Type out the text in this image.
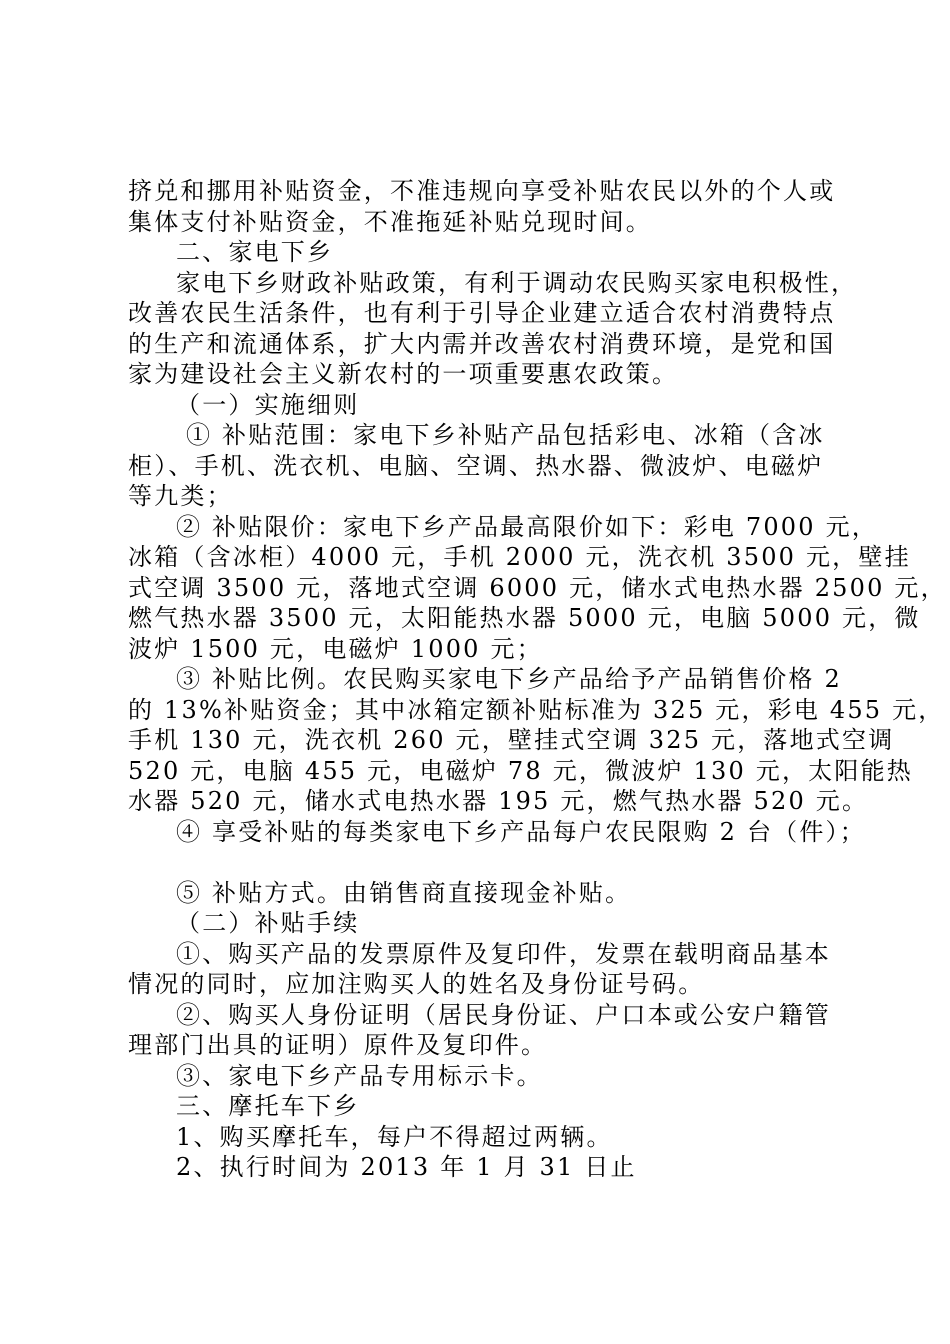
挤兑和挪用补贴资金，不准违规向享受补贴农民以外的个人或
集体支付补贴资金，不准拖延补贴兑现时间。
二、家电下乡
家电下乡财政补贴政策，有利于调动农民购买家电积极性，
改善农民生活条件，也有利于引导企业建立适合农村消费特点
的生产和流通体系，扩大内需并改善农村消费环境，是党和国
家为建设社会主义新农村的一项重要惠农政策。
（一）实施细则
① 补贴范围：家电下乡补贴产品包括彩电、冰箱（含冰
柜）、手机、洗衣机、电脑、空调、热水器、微波炉、电磁炉
等九类；
② 补贴限价：家电下乡产品最高限价如下：彩电 7000 元，
冰箱（含冰柜）4000 元，手机 2000 元，洗衣机 3500 元，壁挂
式空调 3500 元，落地式空调 6000 元，储水式电热水器 2500 元，
燃气热水器 3500 元，太阳能热水器 5000 元，电脑 5000 元，微
波炉 1500 元，电磁炉 1000 元；
③ 补贴比例。农民购买家电下乡产品给予产品销售价格 2
的 13%补贴资金；其中冰箱定额补贴标准为 325 元，彩电 455 元，
手机 130 元，洗衣机 260 元，壁挂式空调 325 元，落地式空调
520 元，电脑 455 元，电磁炉 78 元，微波炉 130 元，太阳能热
水器 520 元，储水式电热水器 195 元，燃气热水器 520 元。
④ 享受补贴的每类家电下乡产品每户农民限购 2 台（件）；
⑤ 补贴方式。由销售商直接现金补贴。
（二）补贴手续
①、购买产品的发票原件及复印件，发票在载明商品基本
情况的同时，应加注购买人的姓名及身份证号码。
②、购买人身份证明（居民身份证、户口本或公安户籍管
理部门出具的证明）原件及复印件。
③、家电下乡产品专用标示卡。
三、摩托车下乡
1、购买摩托车，每户不得超过两辆。
2、执行时间为 2013 年 1 月 31 日止
